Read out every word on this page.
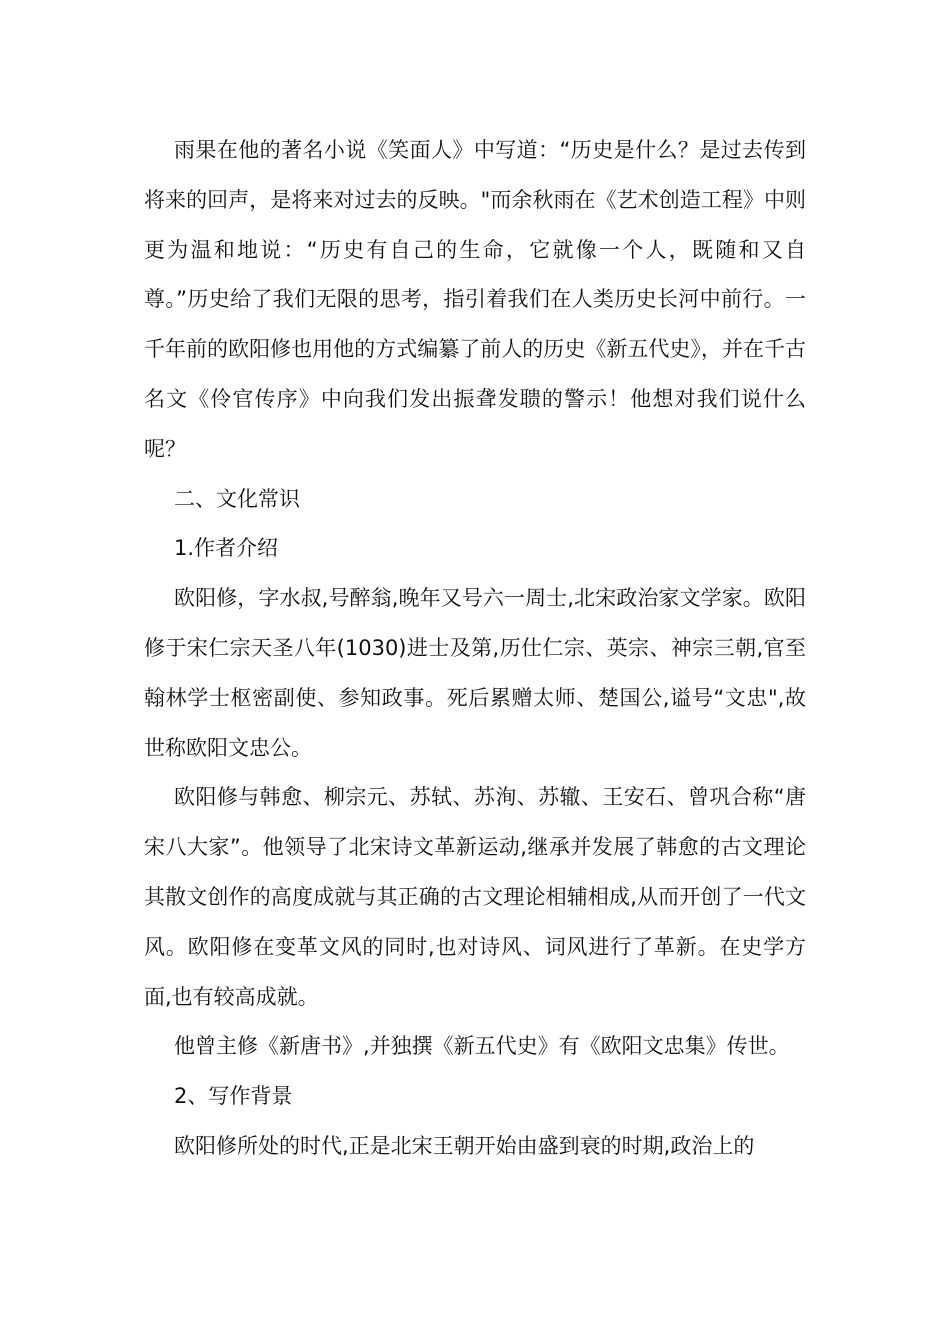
雨果在他的著名小说《笑面人》中写道：“历史是什么？是过去传到将来的回声，是将来对过去的反映。"而余秋雨在《艺术创造工程》中则更为温和地说：“历史有自己的生命，它就像一个人，既随和又自尊。”历史给了我们无限的思考，指引着我们在人类历史长河中前行。一千年前的欧阳修也用他的方式编纂了前人的历史《新五代史》，并在千古名文《伶官传序》中向我们发出振聋发聩的警示！他想对我们说什么呢？

二、文化常识

1.作者介绍

欧阳修，字水叔,号醉翁,晚年又号六一周士,北宋政治家文学家。欧阳修于宋仁宗天圣八年(1030)进士及第,历仕仁宗、英宗、神宗三朝,官至翰林学士枢密副使、参知政事。死后累赠太师、楚国公,谥号“文忠",故世称欧阳文忠公。

欧阳修与韩愈、柳宗元、苏轼、苏洵、苏辙、王安石、曾巩合称“唐宋八大家”。他领导了北宋诗文革新运动,继承并发展了韩愈的古文理论其散文创作的高度成就与其正确的古文理论相辅相成,从而开创了一代文风。欧阳修在变革文风的同时,也对诗风、词风进行了革新。在史学方面,也有较高成就。

他曾主修《新唐书》,并独撰《新五代史》有《欧阳文忠集》传世。

2、写作背景

欧阳修所处的时代,正是北宋王朝开始由盛到衰的时期,政治上的
